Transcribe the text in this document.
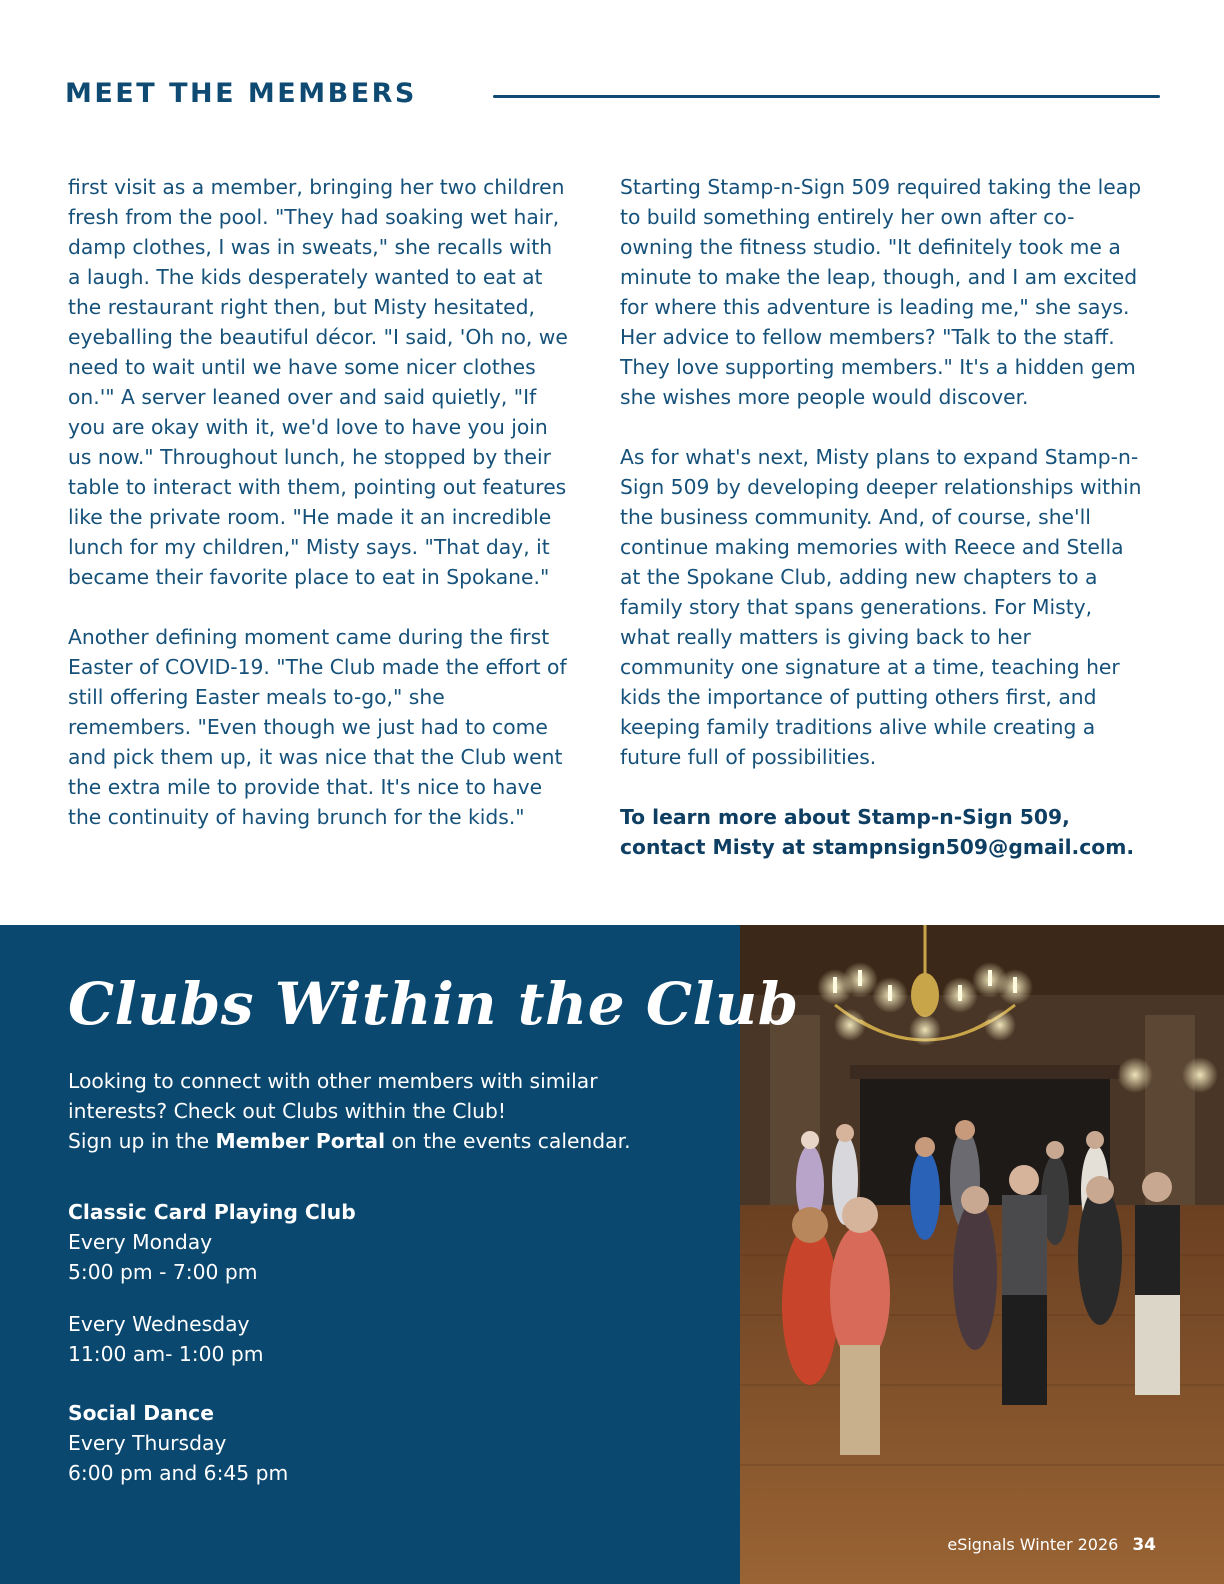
MEET THE MEMBERS

first visit as a member, bringing her two children fresh from the pool. "They had soaking wet hair, damp clothes, I was in sweats," she recalls with a laugh. The kids desperately wanted to eat at the restaurant right then, but Misty hesitated, eyeballing the beautiful décor. "I said, 'Oh no, we need to wait until we have some nicer clothes on.'" A server leaned over and said quietly, "If you are okay with it, we'd love to have you join us now." Throughout lunch, he stopped by their table to interact with them, pointing out features like the private room. "He made it an incredible lunch for my children," Misty says. "That day, it became their favorite place to eat in Spokane."

Another defining moment came during the first Easter of COVID-19. "The Club made the effort of still offering Easter meals to-go," she remembers. "Even though we just had to come and pick them up, it was nice that the Club went the extra mile to provide that. It's nice to have the continuity of having brunch for the kids."

Starting Stamp-n-Sign 509 required taking the leap to build something entirely her own after co-owning the fitness studio. "It definitely took me a minute to make the leap, though, and I am excited for where this adventure is leading me," she says. Her advice to fellow members? "Talk to the staff. They love supporting members." It's a hidden gem she wishes more people would discover.

As for what's next, Misty plans to expand Stamp-n-Sign 509 by developing deeper relationships within the business community. And, of course, she'll continue making memories with Reece and Stella at the Spokane Club, adding new chapters to a family story that spans generations. For Misty, what really matters is giving back to her community one signature at a time, teaching her kids the importance of putting others first, and keeping family traditions alive while creating a future full of possibilities.

To learn more about Stamp-n-Sign 509,
contact Misty at stampnsign509@gmail.com.

Clubs Within the Club
Looking to connect with other members with similar
interests? Check out Clubs within the Club!
Sign up in the Member Portal on the events calendar.
Classic Card Playing Club
Every Monday
5:00 pm - 7:00 pm
Every Wednesday
11:00 am- 1:00 pm
Social Dance
Every Thursday
6:00 pm and 6:45 pm
eSignals Winter 2026 34
